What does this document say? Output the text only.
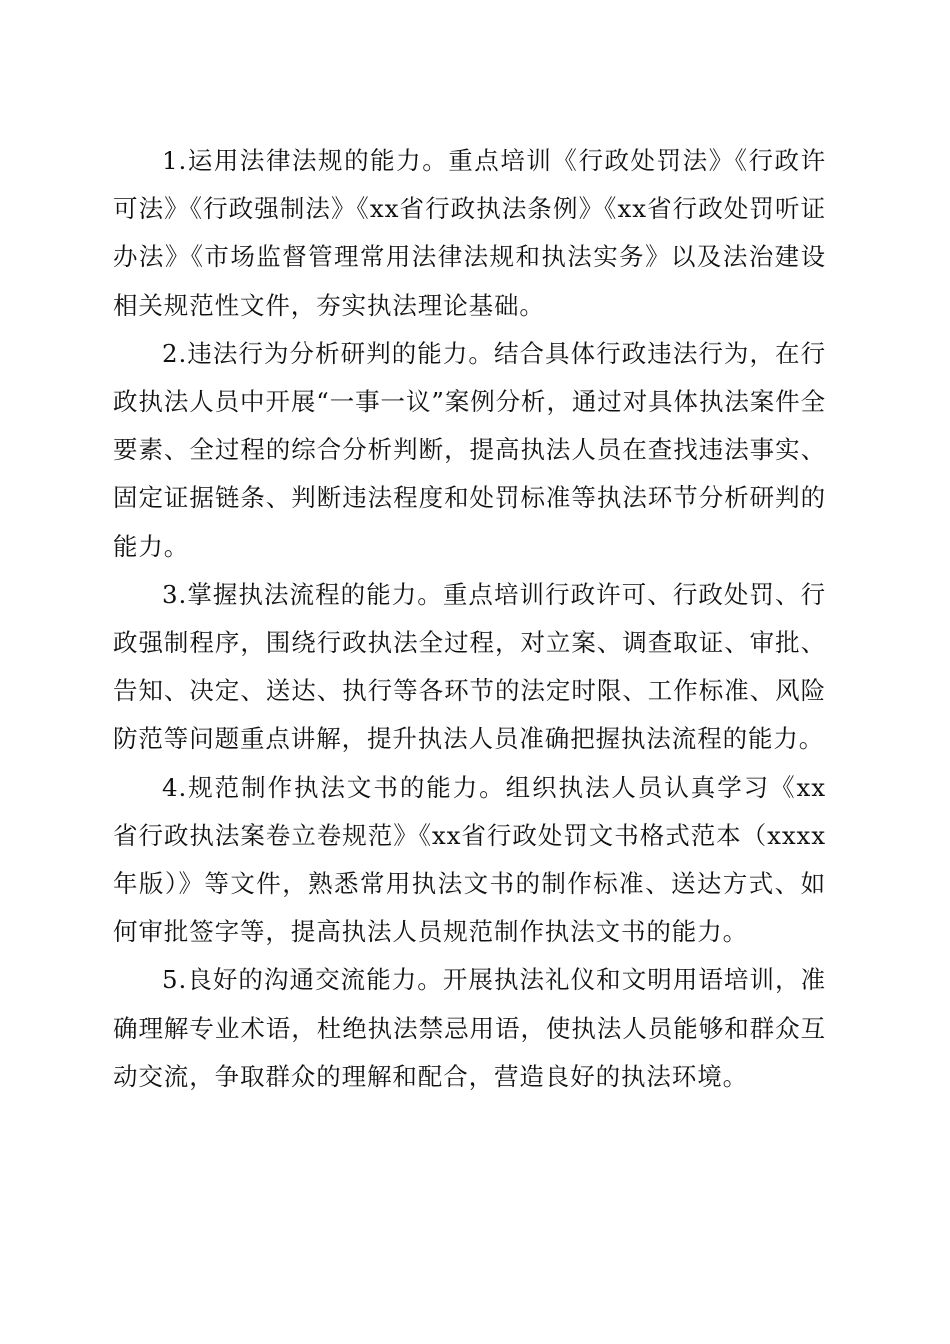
1.运用法律法规的能力。重点培训《行政处罚法》《行政许可法》《行政强制法》《xx省行政执法条例》《xx省行政处罚听证办法》《市场监督管理常用法律法规和执法实务》以及法治建设相关规范性文件，夯实执法理论基础。

2.违法行为分析研判的能力。结合具体行政违法行为，在行政执法人员中开展“一事一议”案例分析，通过对具体执法案件全要素、全过程的综合分析判断，提高执法人员在查找违法事实、固定证据链条、判断违法程度和处罚标准等执法环节分析研判的能力。

3.掌握执法流程的能力。重点培训行政许可、行政处罚、行政强制程序，围绕行政执法全过程，对立案、调查取证、审批、告知、决定、送达、执行等各环节的法定时限、工作标准、风险防范等问题重点讲解，提升执法人员准确把握执法流程的能力。

4.规范制作执法文书的能力。组织执法人员认真学习《xx省行政执法案卷立卷规范》《xx省行政处罚文书格式范本（xxxx年版）》等文件，熟悉常用执法文书的制作标准、送达方式、如何审批签字等，提高执法人员规范制作执法文书的能力。

5.良好的沟通交流能力。开展执法礼仪和文明用语培训，准确理解专业术语，杜绝执法禁忌用语，使执法人员能够和群众互动交流，争取群众的理解和配合，营造良好的执法环境。
